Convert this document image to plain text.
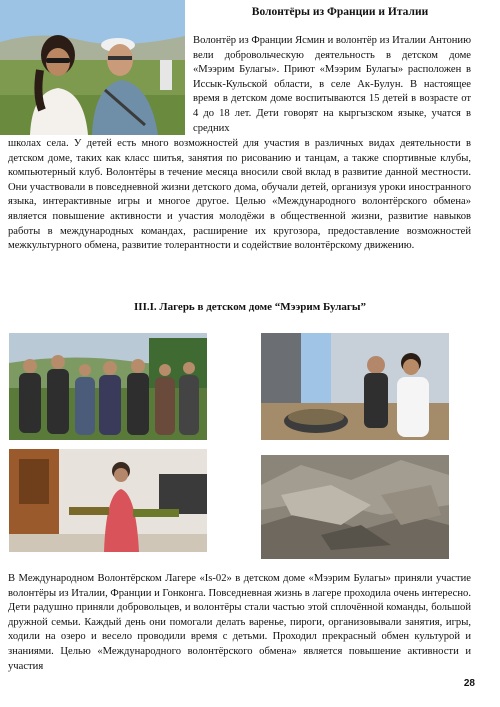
Волонтёры из Франции и Италии
Волонтёр из Франции Ясмин и волонтёр из Италии Антонию вели добровольческую деятельность в детском доме «Мээрим Булагы». Приют «Мээрим Булагы» расположен в Иссык-Кульской области, в селе Ак-Булун. В настоящее время в детском доме воспитываются 15 детей в возрасте от 4 до 18 лет. Дети говорят на кыргызском языке, учатся в средних
школах села. У детей есть много возможностей для участия в различных видах деятельности в детском доме, таких как класс шитья, занятия по рисованию и танцам, а также спортивные клубы, компьютерный клуб. Волонтёры в течение месяца вносили свой вклад в развитие данной местности. Они участвовали в повседневной жизни детского дома, обучали детей, организуя уроки иностранного языка, интерактивные игры и многое другое. Целью «Международного волонтёрского обмена» является повышение активности и участия молодёжи в общественной жизни, развитие навыков работы в международных командах, расширение их кругозора, предоставление возможностей межкультурного обмена, развитие толерантности и содействие волонтёрскому движению.
III.I. Лагерь в детском доме “Мээрим Булагы”
В Международном Волонтёрском Лагере «Is-02» в детском доме «Мээрим Булагы» приняли участие волонтёры из Италии, Франции и Гонконга. Повседневная жизнь в лагере проходила очень интересно. Дети радушно приняли добровольцев, и волонтёры стали частью этой сплочённой команды, большой дружной семьи. Каждый день они помогали делать варенье, пироги, организовывали занятия, игры, ходили на озеро и весело проводили время с детьми. Проходил прекрасный обмен культурой и знаниями. Целью «Международного волонтёрского обмена» является повышение активности и участия
28
